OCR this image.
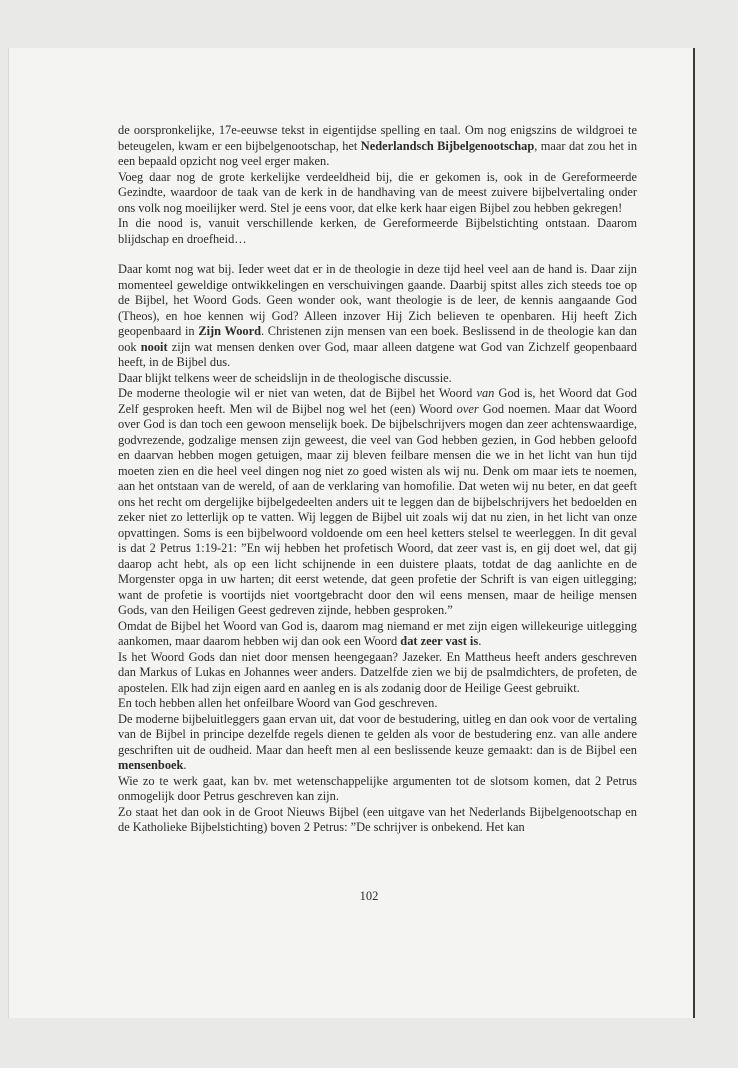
de oorspronkelijke, 17e-eeuwse tekst in eigentijdse spelling en taal. Om nog enigszins de wildgroei te beteugelen, kwam er een bijbelgenootschap, het Nederlandsch Bijbelgenootschap, maar dat zou het in een bepaald opzicht nog veel erger maken.

Voeg daar nog de grote kerkelijke verdeeldheid bij, die er gekomen is, ook in de Gereformeerde Gezindte, waardoor de taak van de kerk in de handhaving van de meest zuivere bijbelvertaling onder ons volk nog moeilijker werd. Stel je eens voor, dat elke kerk haar eigen Bijbel zou hebben gekregen!

In die nood is, vanuit verschillende kerken, de Gereformeerde Bijbelstichting ontstaan. Daarom blijdschap en droefheid…

Daar komt nog wat bij. Ieder weet dat er in de theologie in deze tijd heel veel aan de hand is. Daar zijn momenteel geweldige ontwikkelingen en verschuivingen gaande. Daarbij spitst alles zich steeds toe op de Bijbel, het Woord Gods. Geen wonder ook, want theologie is de leer, de kennis aangaande God (Theos), en hoe kennen wij God? Alleen inzover Hij Zich believen te openbaren. Hij heeft Zich geopenbaard in Zijn Woord. Christenen zijn mensen van een boek. Beslissend in de theologie kan dan ook nooit zijn wat mensen denken over God, maar alleen datgene wat God van Zichzelf geopenbaard heeft, in de Bijbel dus.

Daar blijkt telkens weer de scheidslijn in de theologische discussie.

De moderne theologie wil er niet van weten, dat de Bijbel het Woord van God is, het Woord dat God Zelf gesproken heeft. Men wil de Bijbel nog wel het (een) Woord over God noemen. Maar dat Woord over God is dan toch een gewoon menselijk boek. De bijbelschrijvers mogen dan zeer achtenswaardige, godvrezende, godzalige mensen zijn geweest, die veel van God hebben gezien, in God hebben geloofd en daarvan hebben mogen getuigen, maar zij bleven feilbare mensen die we in het licht van hun tijd moeten zien en die heel veel dingen nog niet zo goed wisten als wij nu. Denk om maar iets te noemen, aan het ontstaan van de wereld, of aan de verklaring van homofilie. Dat weten wij nu beter, en dat geeft ons het recht om dergelijke bijbelgedeelten anders uit te leggen dan de bijbelschrijvers het bedoelden en zeker niet zo letterlijk op te vatten. Wij leggen de Bijbel uit zoals wij dat nu zien, in het licht van onze opvattingen. Soms is een bijbelwoord voldoende om een heel ketters stelsel te weerleggen. In dit geval is dat 2 Petrus 1:19-21: ”En wij hebben het profetisch Woord, dat zeer vast is, en gij doet wel, dat gij daarop acht hebt, als op een licht schijnende in een duistere plaats, totdat de dag aanlichte en de Morgenster opga in uw harten; dit eerst wetende, dat geen profetie der Schrift is van eigen uitlegging; want de profetie is voortijds niet voortgebracht door den wil eens mensen, maar de heilige mensen Gods, van den Heiligen Geest gedreven zijnde, hebben gesproken.”

Omdat de Bijbel het Woord van God is, daarom mag niemand er met zijn eigen willekeurige uitlegging aankomen, maar daarom hebben wij dan ook een Woord dat zeer vast is.

Is het Woord Gods dan niet door mensen heengegaan? Jazeker. En Mattheus heeft anders geschreven dan Markus of Lukas en Johannes weer anders. Datzelfde zien we bij de psalmdichters, de profeten, de apostelen. Elk had zijn eigen aard en aanleg en is als zodanig door de Heilige Geest gebruikt.

En toch hebben allen het onfeilbare Woord van God geschreven.

De moderne bijbeluitleggers gaan ervan uit, dat voor de bestudering, uitleg en dan ook voor de vertaling van de Bijbel in principe dezelfde regels dienen te gelden als voor de bestudering enz. van alle andere geschriften uit de oudheid. Maar dan heeft men al een beslissende keuze gemaakt: dan is de Bijbel een mensenboek.

Wie zo te werk gaat, kan bv. met wetenschappelijke argumenten tot de slotsom komen, dat 2 Petrus onmogelijk door Petrus geschreven kan zijn.

Zo staat het dan ook in de Groot Nieuws Bijbel (een uitgave van het Nederlands Bijbelgenootschap en de Katholieke Bijbelstichting) boven 2 Petrus: ”De schrijver is onbekend. Het kan

102
